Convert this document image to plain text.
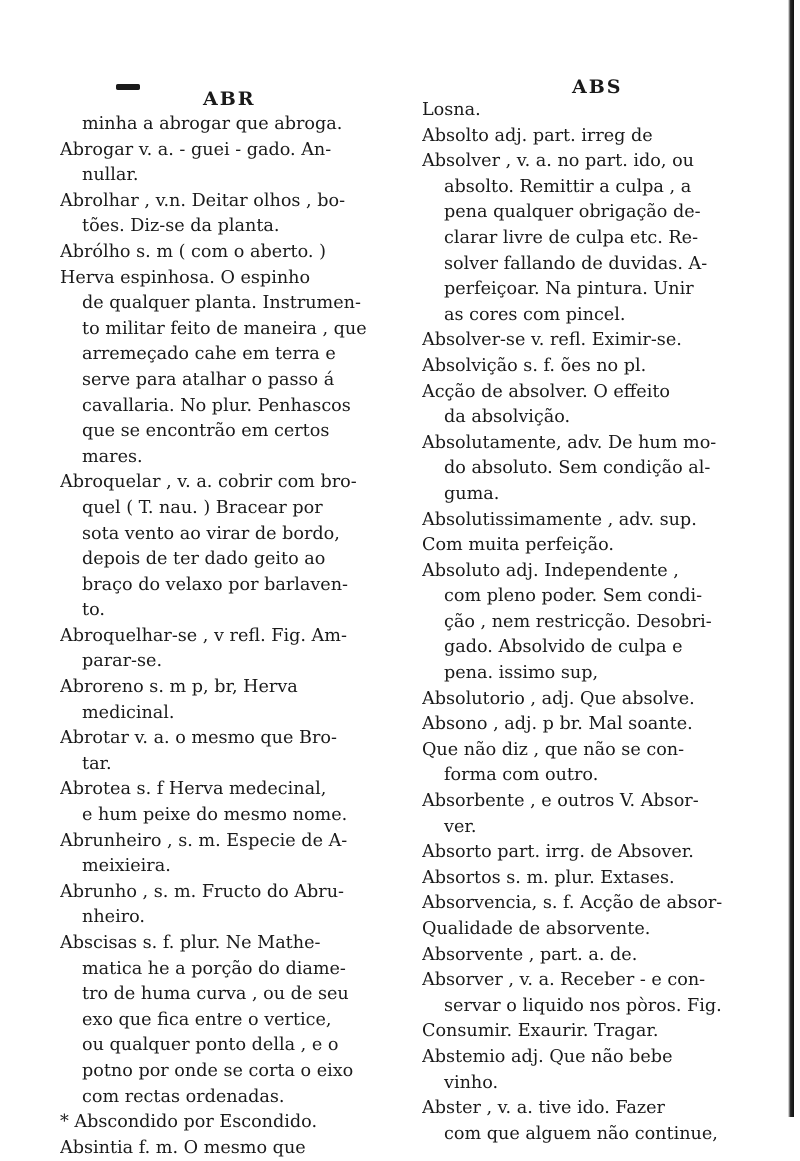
ABR
ABS
minha a abrogar que abroga.
Abrogar v. a. - guei - gado. An-
nullar.
Abrolhar , v.n. Deitar olhos , bo-
tões. Diz-se da planta.
Abrólho s. m ( com o aberto. )
Herva espinhosa. O espinho
de qualquer planta. Instrumen-
to militar feito de maneira , que
arremeçado cahe em terra e
serve para atalhar o passo á
cavallaria. No plur. Penhascos
que se encontrão em certos
mares.
Abroquelar , v. a. cobrir com bro-
quel ( T. nau. ) Bracear por
sota vento ao virar de bordo,
depois de ter dado geito ao
braço do velaxo por barlaven-
to.
Abroquelhar-se , v refl. Fig. Am-
parar-se.
Abroreno s. m p, br, Herva
medicinal.
Abrotar v. a. o mesmo que Bro-
tar.
Abrotea s. f Herva medecinal,
e hum peixe do mesmo nome.
Abrunheiro , s. m. Especie de A-
meixieira.
Abrunho , s. m. Fructo do Abru-
nheiro.
Abscisas s. f. plur. Ne Mathe-
matica he a porção do diame-
tro de huma curva , ou de seu
exo que fica entre o vertice,
ou qualquer ponto della , e o
potno por onde se corta o eixo
com rectas ordenadas.
* Abscondido por Escondido.
Absintia f. m. O mesmo que
Losna.
Absolto adj. part. irreg de
Absolver , v. a. no part. ido, ou
absolto. Remittir a culpa , a
pena qualquer obrigação de-
clarar livre de culpa etc. Re-
solver fallando de duvidas. A-
perfeiçoar. Na pintura. Unir
as cores com pincel.
Absolver-se v. refl. Eximir-se.
Absolvição s. f. ões no pl.
Acção de absolver. O effeito
da absolvição.
Absolutamente, adv. De hum mo-
do absoluto. Sem condição al-
guma.
Absolutissimamente , adv. sup.
Com muita perfeição.
Absoluto adj. Independente ,
com pleno poder. Sem condi-
ção , nem restricção. Desobri-
gado. Absolvido de culpa e
pena. issimo sup,
Absolutorio , adj. Que absolve.
Absono , adj. p br. Mal soante.
Que não diz , que não se con-
forma com outro.
Absorbente , e outros V. Absor-
ver.
Absorto part. irrg. de Absover.
Absortos s. m. plur. Extases.
Absorvencia, s. f. Acção de absor-
Qualidade de absorvente.
Absorvente , part. a. de.
Absorver , v. a. Receber - e con-
servar o liquido nos pòros. Fig.
Consumir. Exaurir. Tragar.
Abstemio adj. Que não bebe
vinho.
Abster , v. a. tive ido. Fazer
com que alguem não continue,
